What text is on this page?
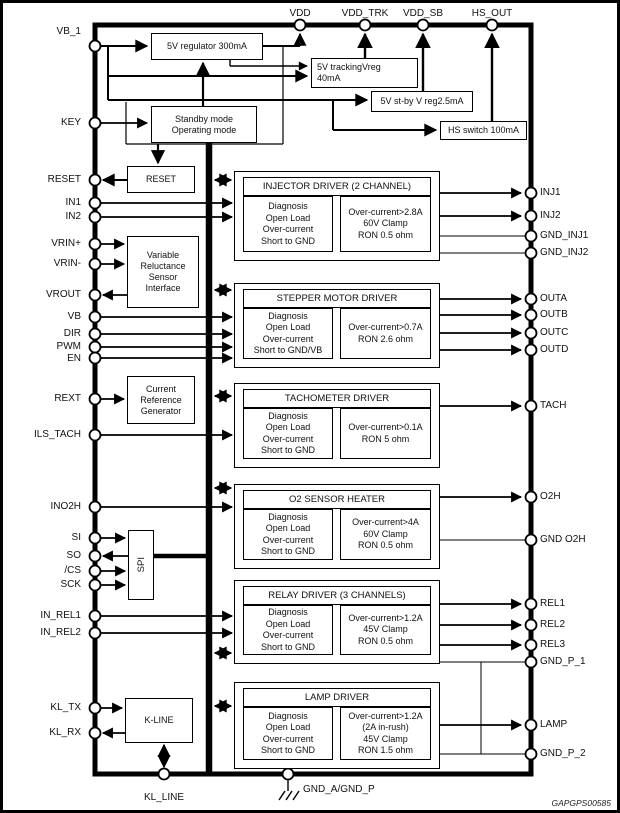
5V regulator 300mA
5V trackingVreg
40mA
5V st-by V reg2.5mA
HS switch 100mA
Standby mode
Operating mode
RESET
Variable
Reluctance
Sensor
Interface
Current
Reference
Generator
SPI
K-LINE
INJECTOR DRIVER (2 CHANNEL)
Diagnosis
Open Load
Over-current
Short to GND
Over-current>2.8A
60V Clamp
RON 0.5 ohm
STEPPER MOTOR DRIVER
Diagnosis
Open Load
Over-current
Short to GND/VB
Over-current>0.7A
RON 2.6 ohm
TACHOMETER DRIVER
Diagnosis
Open Load
Over-current
Short to GND
Over-current>0.1A
RON 5 ohm
O2 SENSOR HEATER
Diagnosis
Open Load
Over-current
Short to GND
Over-current>4A
60V Clamp
RON 0.5 ohm
RELAY DRIVER (3 CHANNELS)
Diagnosis
Open Load
Over-current
Short to GND
Over-current>1.2A
45V Clamp
RON 0.5 ohm
LAMP DRIVER
Diagnosis
Open Load
Over-current
Short to GND
Over-current>1.2A
(2A in-rush)
45V Clamp
RON 1.5 ohm
VDD	VDD_TRK	VDD_SB	HS_OUT
VB_1
KEY
RESET
IN1
IN2
VRIN+
VRIN-
VROUT
VB
DIR
PWM
EN
REXT
ILS_TACH
INO2H
SI
SO
/CS
SCK
IN_REL1
IN_REL2
KL_TX
KL_RX
INJ1
INJ2
GND_INJ1
GND_INJ2
OUTA
OUTB
OUTC
OUTD
TACH
O2H
GND O2H
REL1
REL2
REL3
GND_P_1
LAMP
GND_P_2
KL_LINE
GND_A/GND_P
GAPGPS00585
